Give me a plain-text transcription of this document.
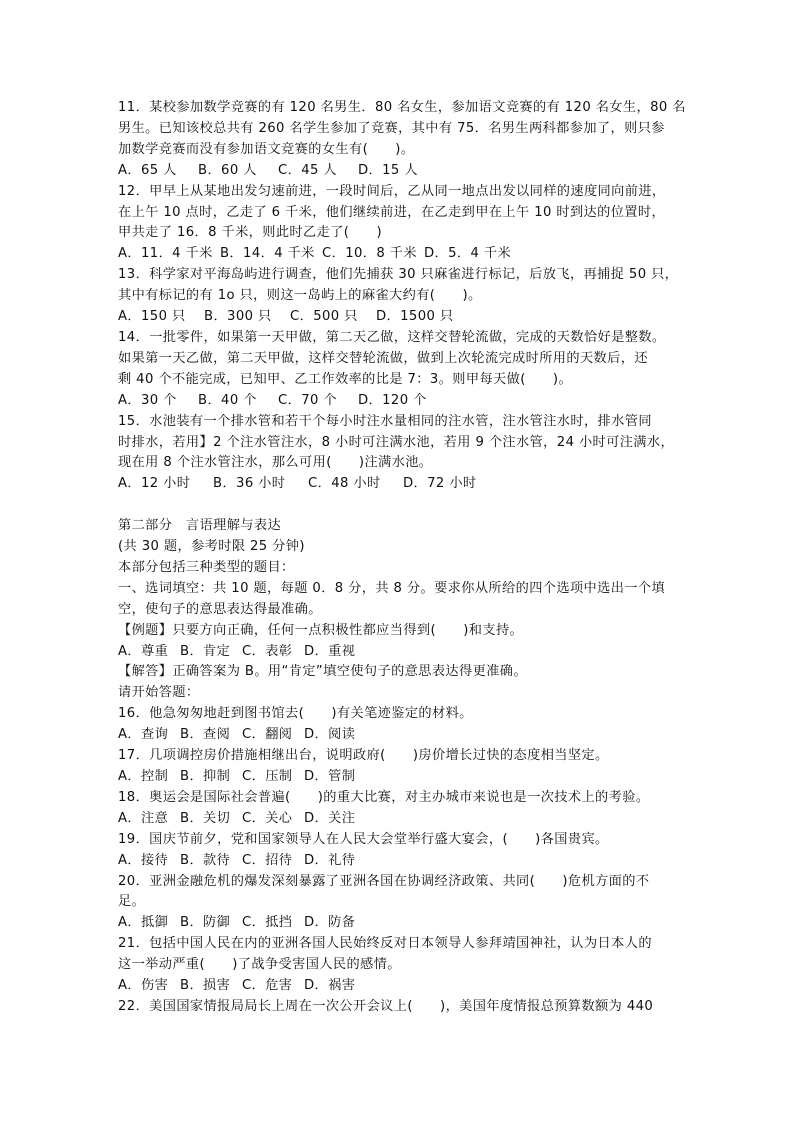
11．某校参加数学竞赛的有 120 名男生．80 名女生，参加语文竞赛的有 120 名女生，80 名
男生。已知该校总共有 260 名学生参加了竞赛，其中有 75．名男生两科都参加了，则只参
加数学竞赛而没有参加语文竞赛的女生有(　　)。
A．65 人	B．60 人	C．45 人	D．15 人
12．甲早上从某地出发匀速前进，一段时间后，乙从同一地点出发以同样的速度同向前进，
在上午 10 点时，乙走了 6 千米，他们继续前进，在乙走到甲在上午 10 时到达的位置时，
甲共走了 16．8 千米，则此时乙走了(　　)
A．11．4 千米 B．14．4 千米 C．10．8 千米 D．5．4 千米
13．科学家对平海岛屿进行调查，他们先捕获 30 只麻雀进行标记，后放飞，再捕捉 50 只，
其中有标记的有 1o 只，则这一岛屿上的麻雀大约有(　　)。
A．150 只	B．300 只	C．500 只	D．1500 只
14．一批零件，如果第一天甲做，第二天乙做，这样交替轮流做，完成的天数恰好是整数。
如果第一天乙做，第二天甲做，这样交替轮流做，做到上次轮流完成时所用的天数后，还
剩 40 个不能完成，已知甲、乙工作效率的比是 7：3。则甲每天做(　　)。
A．30 个	B．40 个	C．70 个	D．120 个
15．水池装有一个排水管和若干个每小时注水量相同的注水管，注水管注水时，排水管同
时排水，若用】2 个注水管注水，8 小时可注满水池，若用 9 个注水管，24 小时可注满水，
现在用 8 个注水管注水，那么可用(　　)注满水池。
A．12 小时	B．36 小时	C．48 小时	D．72 小时
第二部分　言语理解与表达
(共 30 题，参考时限 25 分钟)
本部分包括三种类型的题目：
一、选词填空：共 10 题，每题 0．8 分，共 8 分。要求你从所给的四个选项中选出一个填
空，使句子的意思表达得最准确。
【例题】只要方向正确，任何一点积极性都应当得到(　　)和支持。
A．尊重 B．肯定 C．表彰 D．重视
【解答】正确答案为 B。用“肯定”填空使句子的意思表达得更准确。
请开始答题：
16．他急匆匆地赶到图书馆去(　　)有关笔迹鉴定的材料。
A．查询 B．查阅 C．翻阅 D．阅读
17．几项调控房价措施相继出台，说明政府(　　)房价增长过快的态度相当坚定。
A．控制 B．抑制 C．压制 D．管制
18．奥运会是国际社会普遍(　　)的重大比赛，对主办城市来说也是一次技术上的考验。
A．注意 B．关切 C．关心 D．关注
19．国庆节前夕，党和国家领导人在人民大会堂举行盛大宴会，(　　)各国贵宾。
A．接待 B．款待 C．招待 D．礼待
20．亚洲金融危机的爆发深刻暴露了亚洲各国在协调经济政策、共同(　　)危机方面的不
足。
A．抵御 B．防御 C．抵挡 D．防备
21．包括中国人民在内的亚洲各国人民始终反对日本领导人参拜靖国神社，认为日本人的
这一举动严重(　　)了战争受害国人民的感情。
A．伤害 B．损害 C．危害 D．祸害
22．美国国家情报局局长上周在一次公开会议上(　　)，美国年度情报总预算数额为 440
